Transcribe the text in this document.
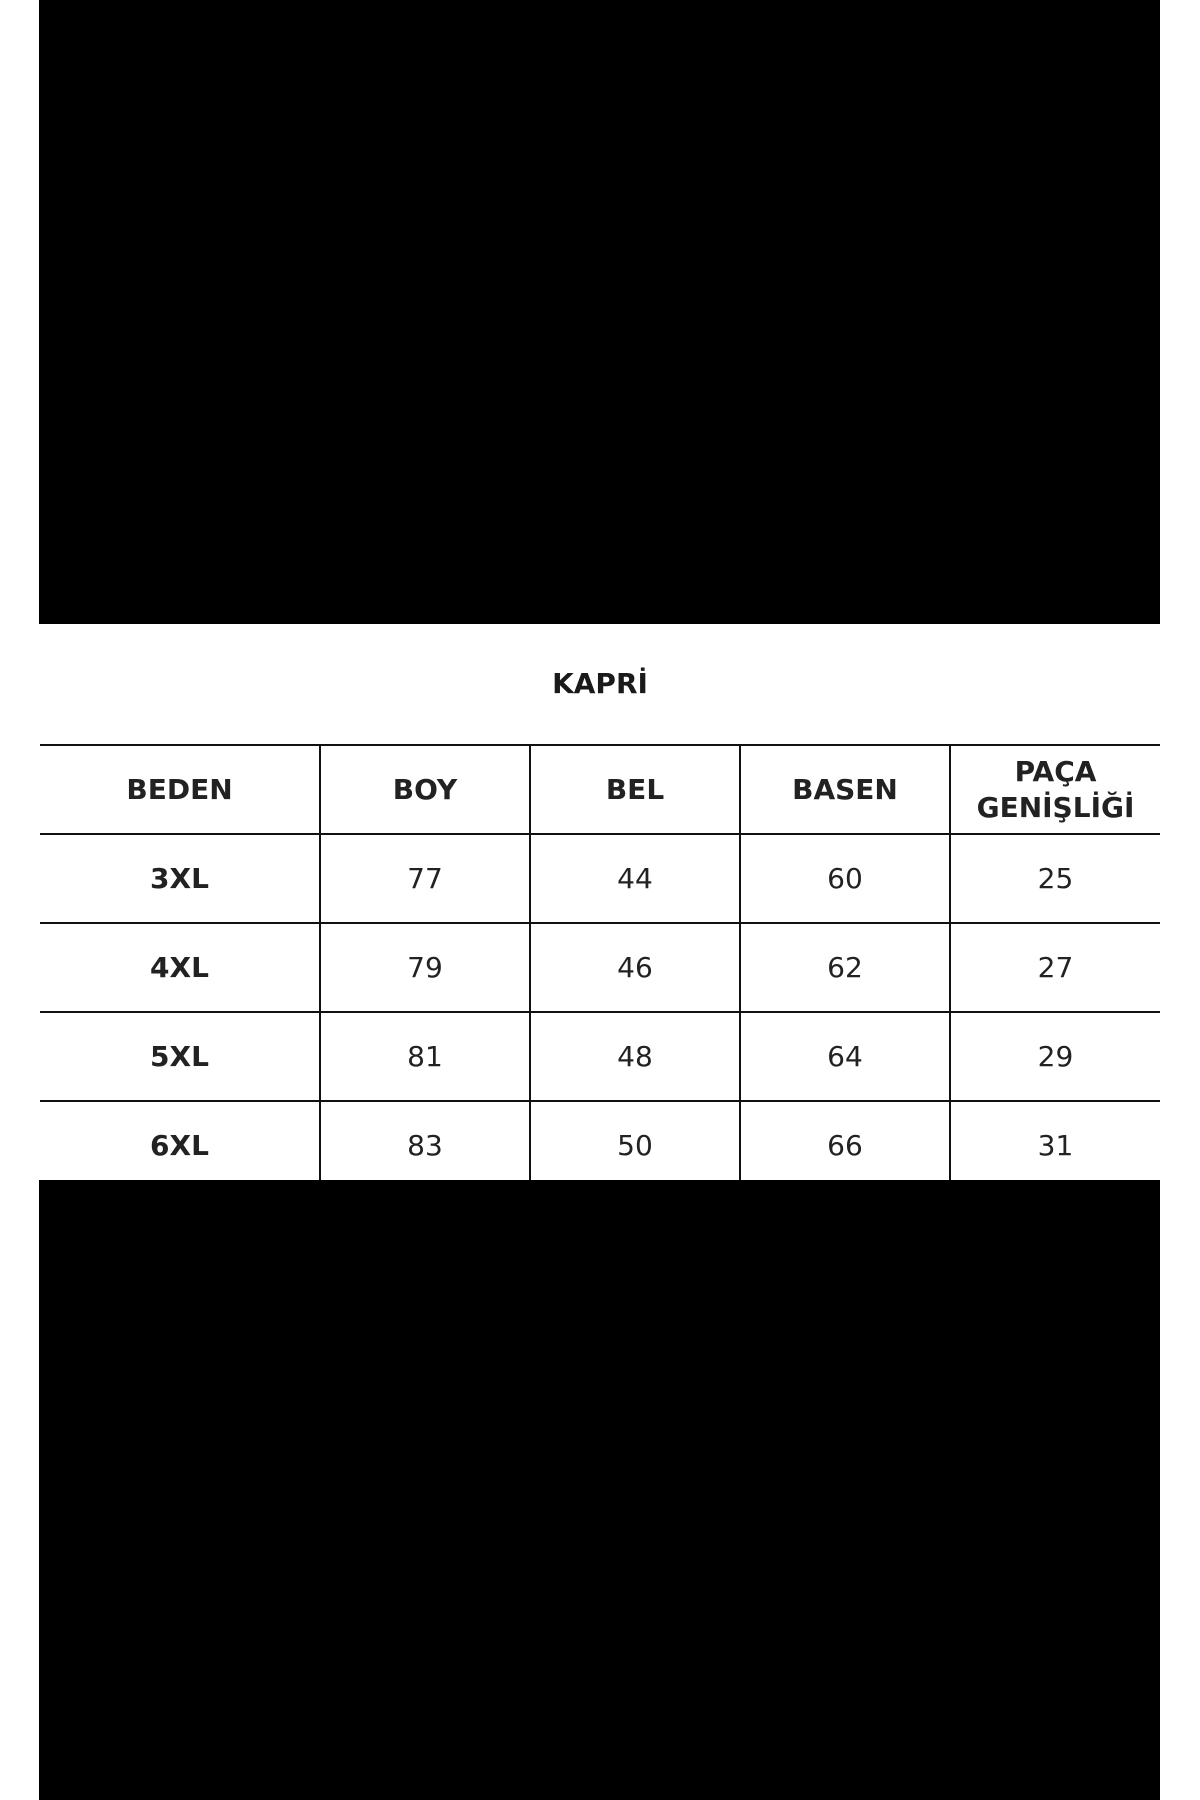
KAPRİ
BEDEN	BOY	BEL	BASEN	PAÇA GENİŞLİĞİ
3XL	77	44	60	25
4XL	79	46	62	27
5XL	81	48	64	29
6XL	83	50	66	31
